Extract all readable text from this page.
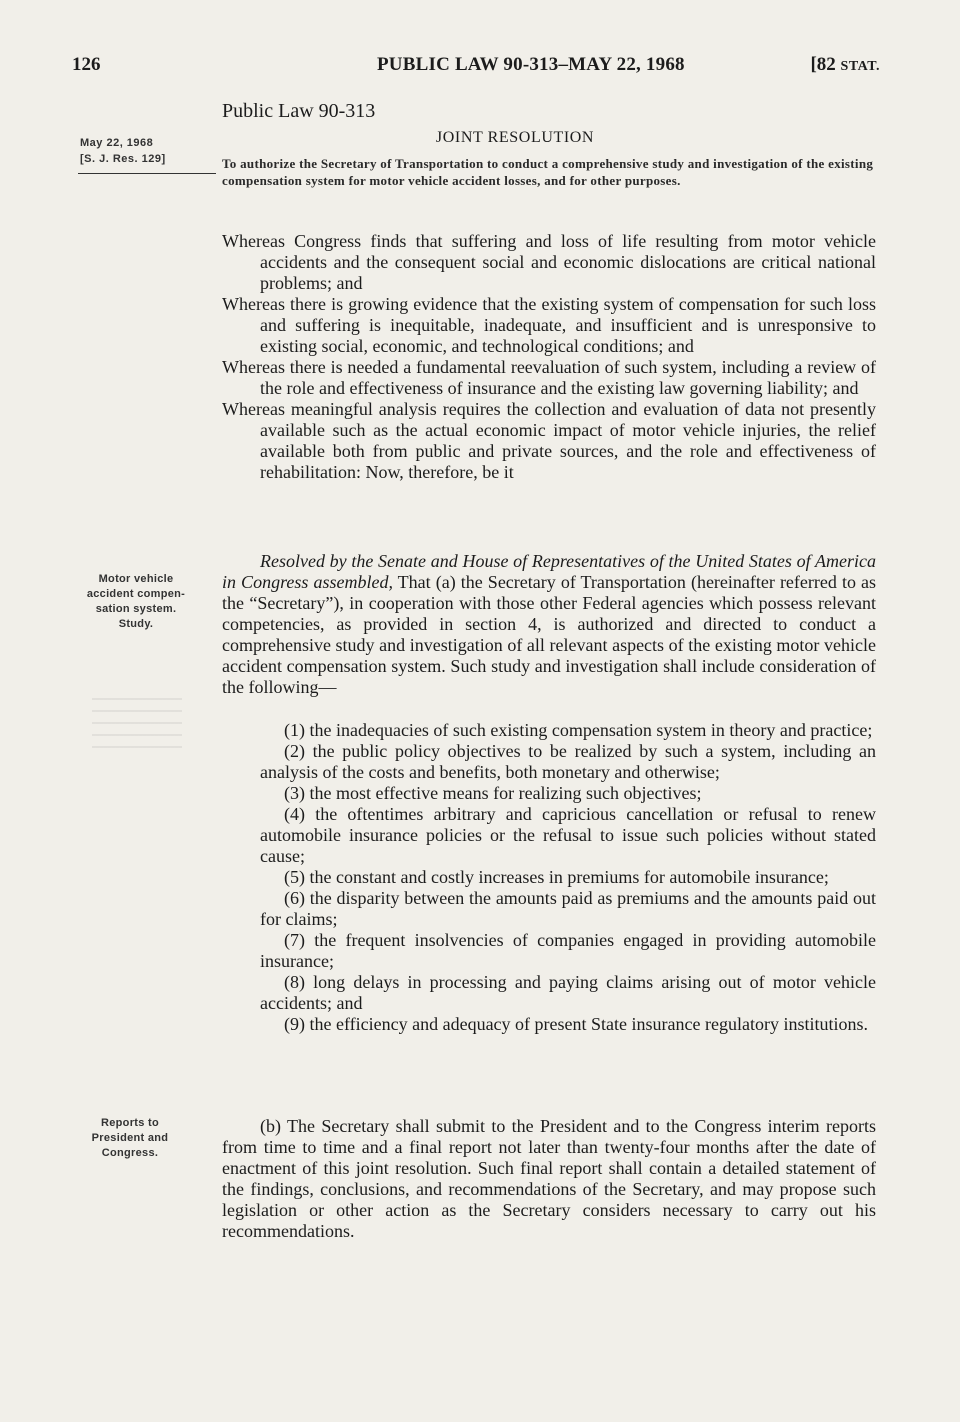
126	PUBLIC LAW 90-313–MAY 22, 1968	[82 STAT.
Public Law 90-313
JOINT RESOLUTION
May 22, 1968
[S. J. Res. 129]	To authorize the Secretary of Transportation to conduct a comprehensive study and investigation of the existing compensation system for motor vehicle accident losses, and for other purposes.

Whereas Congress finds that suffering and loss of life resulting from motor vehicle accidents and the consequent social and economic dislocations are critical national problems; and

Whereas there is growing evidence that the existing system of compensation for such loss and suffering is inequitable, inadequate, and insufficient and is unresponsive to existing social, economic, and technological conditions; and

Whereas there is needed a fundamental reevaluation of such system, including a review of the role and effectiveness of insurance and the existing law governing liability; and

Whereas meaningful analysis requires the collection and evaluation of data not presently available such as the actual economic impact of motor vehicle injuries, the relief available both from public and private sources, and the role and effectiveness of rehabilitation: Now, therefore, be it

Resolved by the Senate and House of Representatives of the United States of America in Congress assembled, That (a) the Secretary of Transportation (hereinafter referred to as the “Secretary”), in cooperation with those other Federal agencies which possess relevant competencies, as provided in section 4, is authorized and directed to conduct a comprehensive study and investigation of all relevant aspects of the existing motor vehicle accident compensation system. Such study and investigation shall include consideration of the following—

(1) the inadequacies of such existing compensation system in theory and practice;

(2) the public policy objectives to be realized by such a system, including an analysis of the costs and benefits, both monetary and otherwise;

(3) the most effective means for realizing such objectives;

(4) the oftentimes arbitrary and capricious cancellation or refusal to renew automobile insurance policies or the refusal to issue such policies without stated cause;

(5) the constant and costly increases in premiums for automobile insurance;

(6) the disparity between the amounts paid as premiums and the amounts paid out for claims;

(7) the frequent insolvencies of companies engaged in providing automobile insurance;

(8) long delays in processing and paying claims arising out of motor vehicle accidents; and

(9) the efficiency and adequacy of present State insurance regulatory institutions.

(b) The Secretary shall submit to the President and to the Congress interim reports from time to time and a final report not later than twenty-four months after the date of enactment of this joint resolution. Such final report shall contain a detailed statement of the findings, conclusions, and recommendations of the Secretary, and may propose such legislation or other action as the Secretary considers necessary to carry out his recommendations.

Motor vehicle
accident compen-
sation system.
Study.
Reports to
President and
Congress.
